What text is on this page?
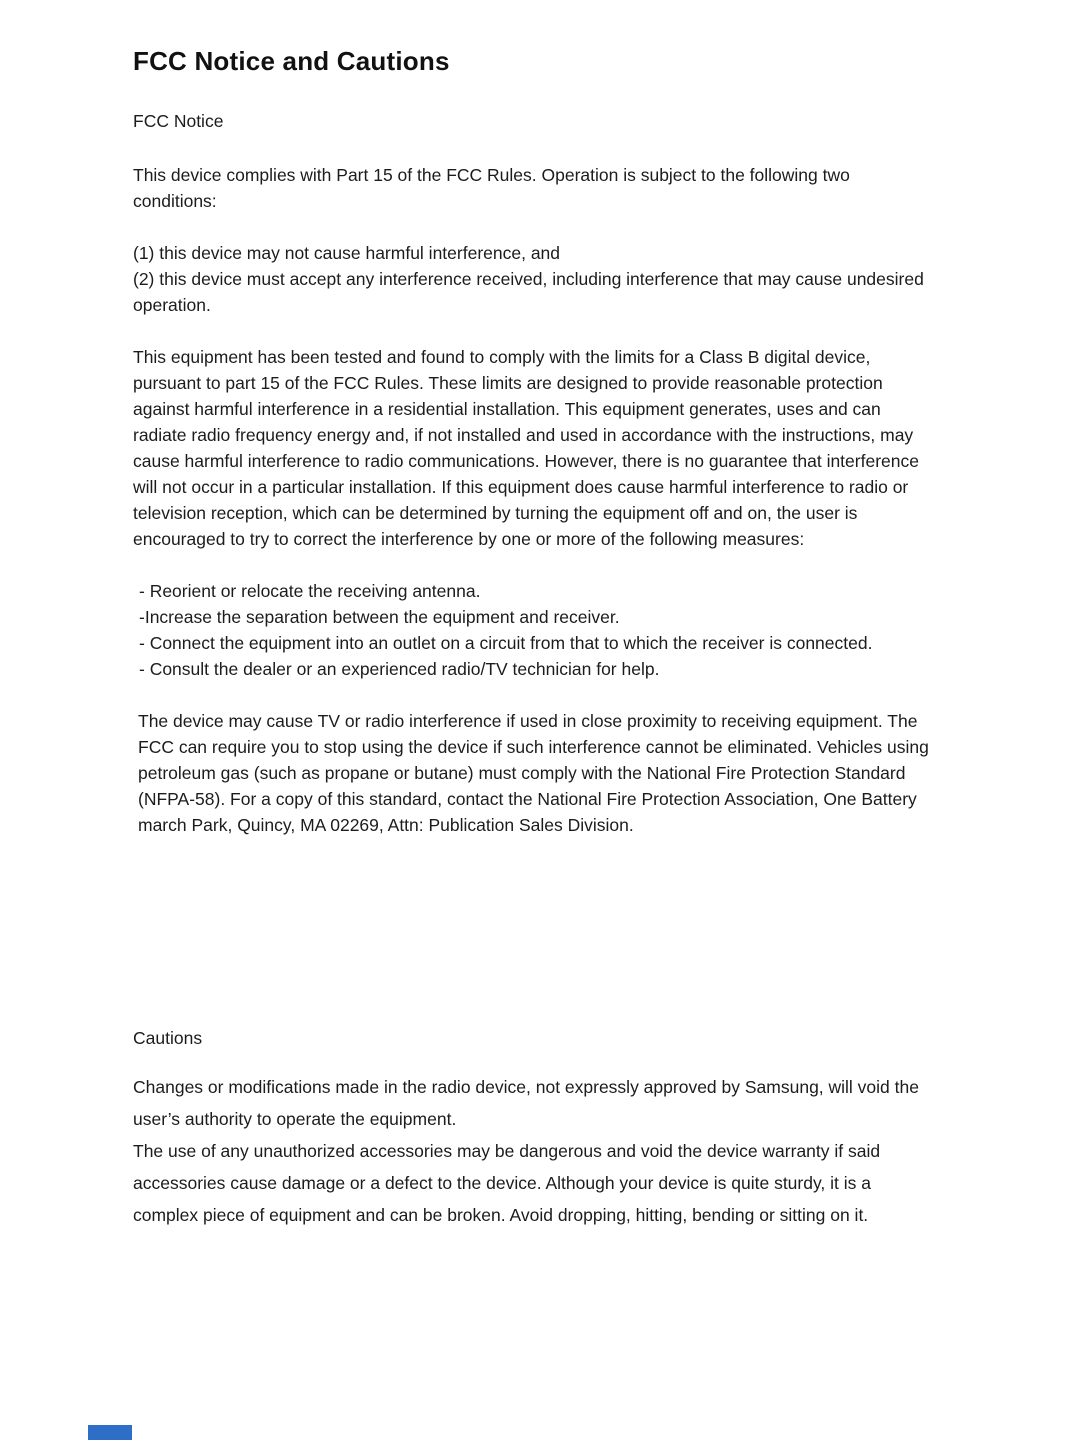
FCC Notice and Cautions
FCC Notice

This device complies with Part 15 of the FCC Rules. Operation is subject to the following two conditions:

(1) this device may not cause harmful interference, and
(2) this device must accept any interference received, including interference that may cause undesired operation.

This equipment has been tested and found to comply with the limits for a Class B digital device, pursuant to part 15 of the FCC Rules. These limits are designed to provide reasonable protection against harmful interference in a residential installation. This equipment generates, uses and can radiate radio frequency energy and, if not installed and used in accordance with the instructions, may cause harmful interference to radio communications. However, there is no guarantee that interference will not occur in a particular installation. If this equipment does cause harmful interference to radio or television reception, which can be determined by turning the equipment off and on, the user is encouraged to try to correct the interference by one or more of the following measures:

- Reorient or relocate the receiving antenna.
-Increase the separation between the equipment and receiver.
- Connect the equipment into an outlet on a circuit from that to which the receiver is connected.
- Consult the dealer or an experienced radio/TV technician for help.

The device may cause TV or radio interference if used in close proximity to receiving equipment. The FCC can require you to stop using the device if such interference cannot be eliminated. Vehicles using petroleum gas (such as propane or butane) must comply with the National Fire Protection Standard (NFPA-58). For a copy of this standard, contact the National Fire Protection Association, One Battery march Park, Quincy, MA 02269, Attn: Publication Sales Division.

Cautions

Changes or modifications made in the radio device, not expressly approved by Samsung, will void the user’s authority to operate the equipment.

The use of any unauthorized accessories may be dangerous and void the device warranty if said accessories cause damage or a defect to the device. Although your device is quite sturdy, it is a complex piece of equipment and can be broken. Avoid dropping, hitting, bending or sitting on it.
